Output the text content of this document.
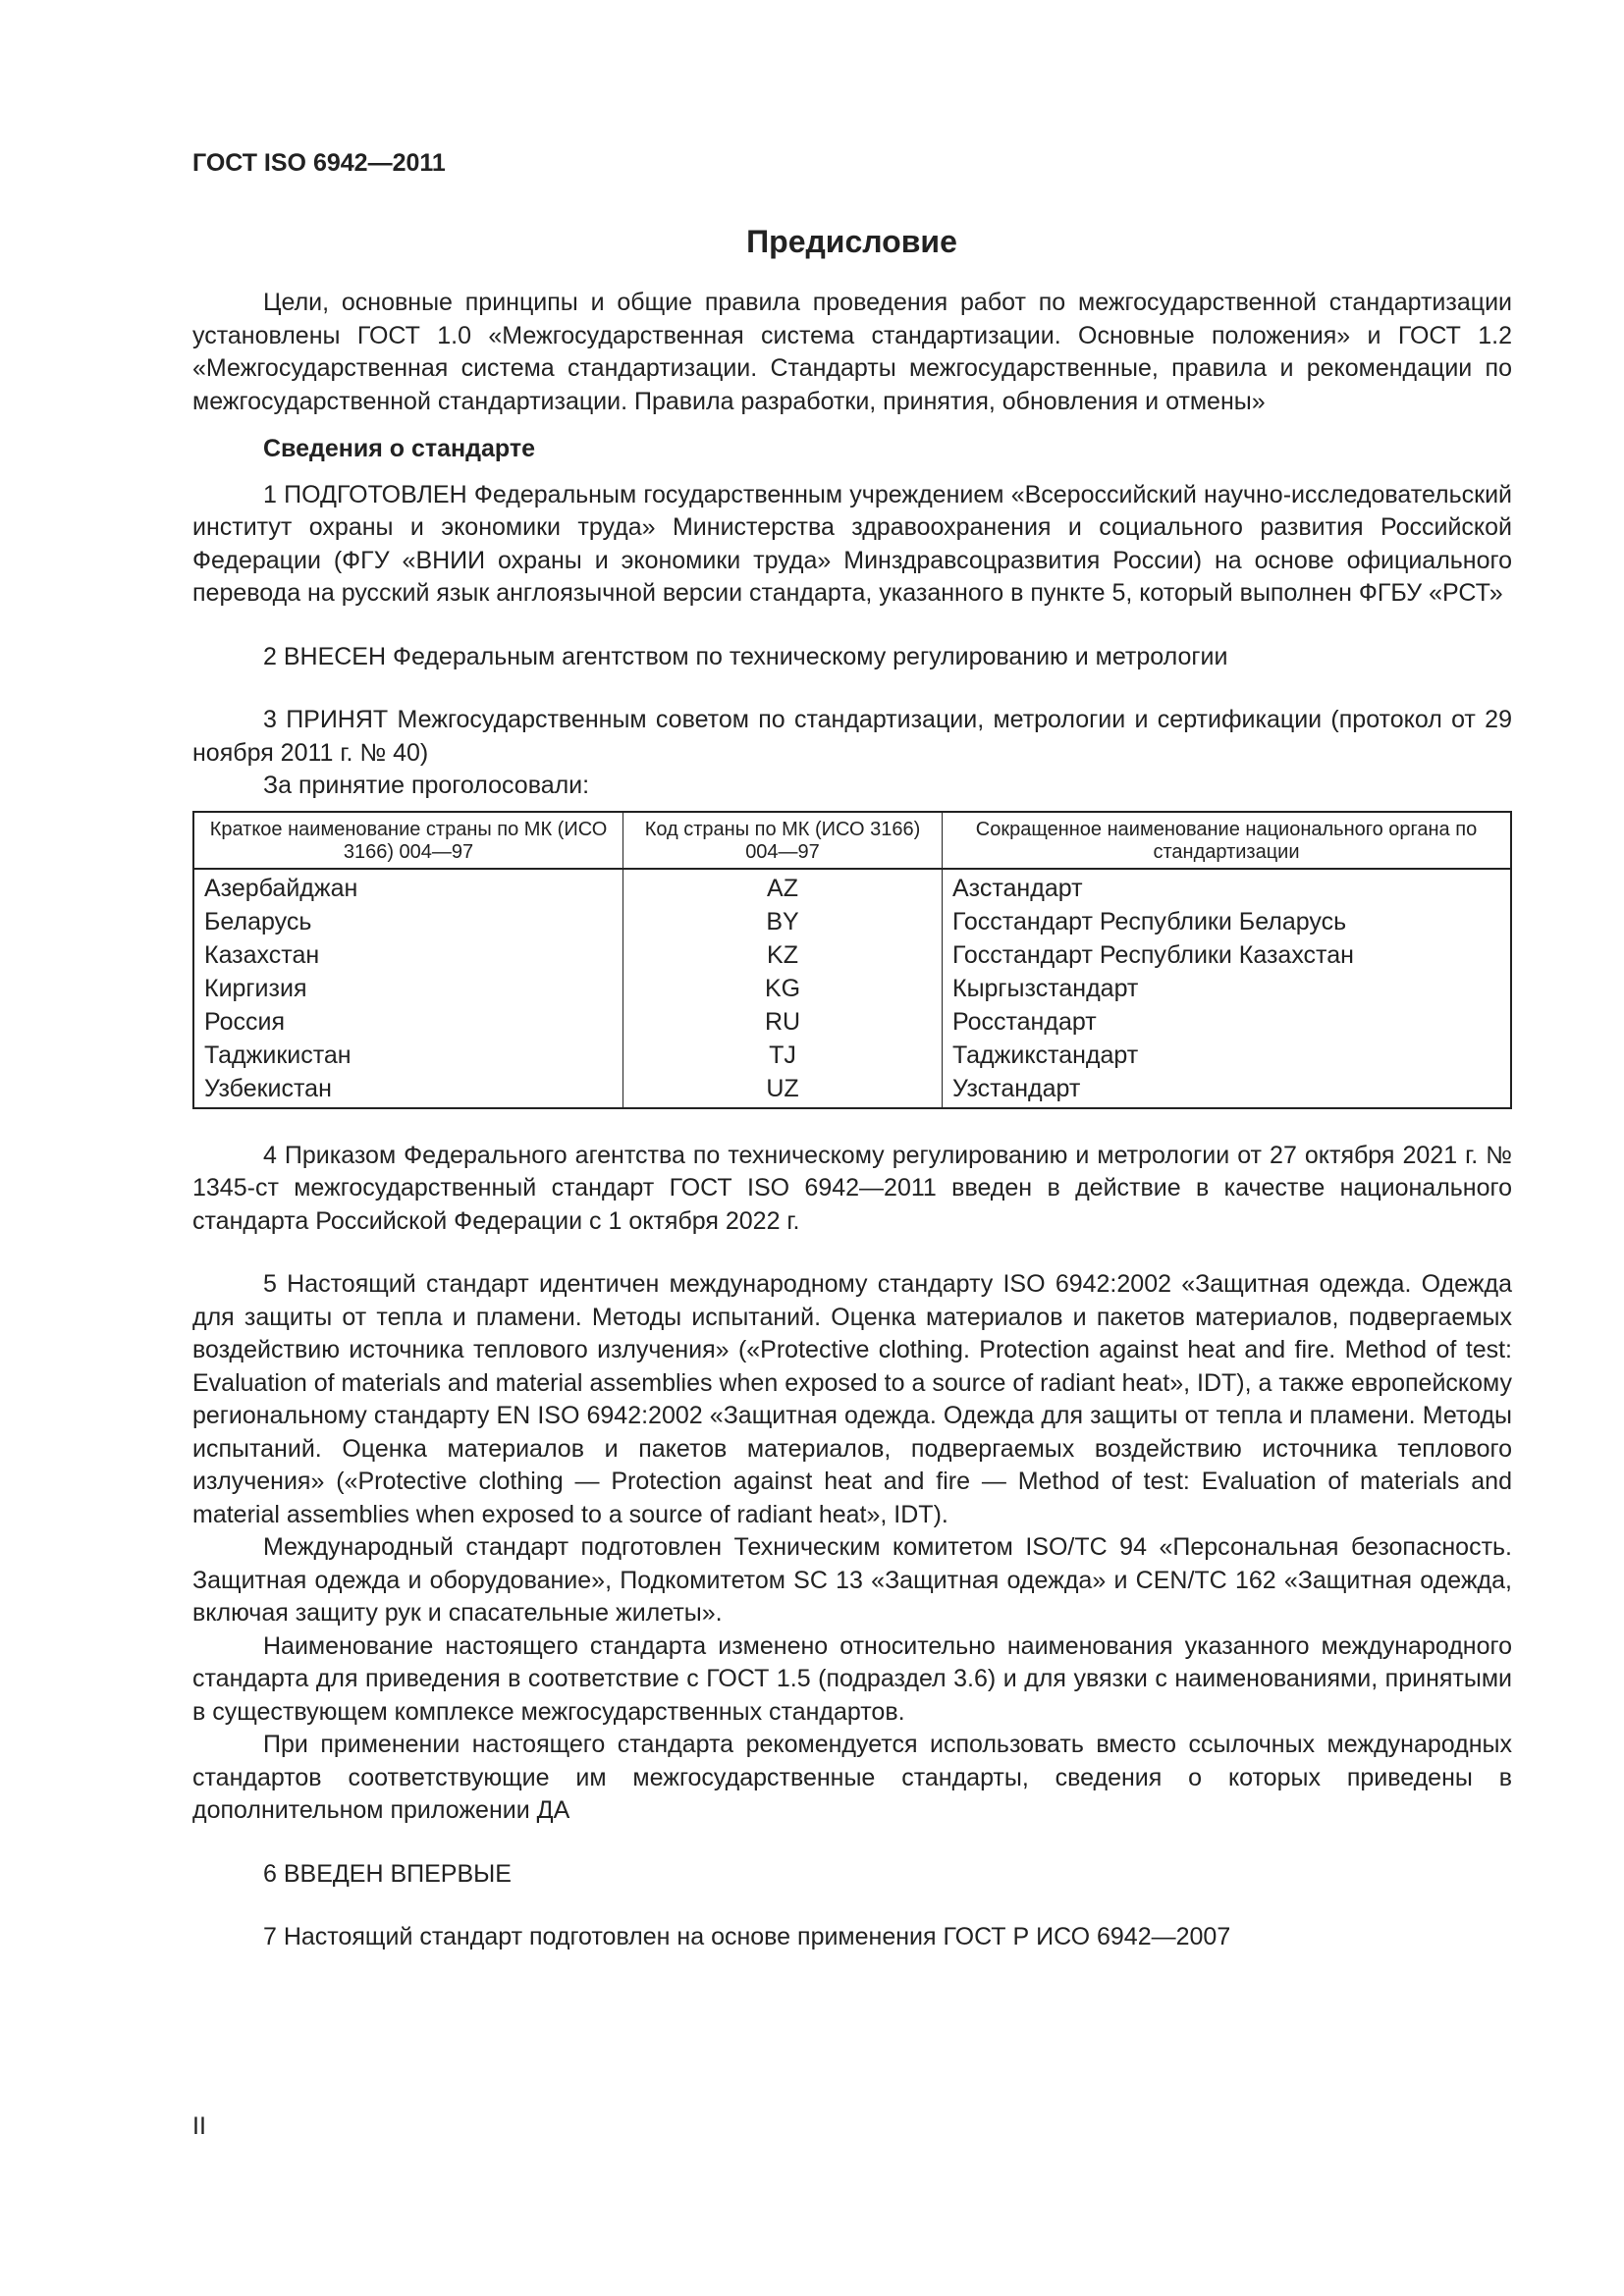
ГОСТ ISO 6942—2011
Предисловие

Цели, основные принципы и общие правила проведения работ по межгосударственной стандартизации установлены ГОСТ 1.0 «Межгосударственная система стандартизации. Основные положения» и ГОСТ 1.2 «Межгосударственная система стандартизации. Стандарты межгосударственные, правила и рекомендации по межгосударственной стандартизации. Правила разработки, принятия, обновления и отмены»

Сведения о стандарте

1 ПОДГОТОВЛЕН Федеральным государственным учреждением «Всероссийский научно-исследовательский институт охраны и экономики труда» Министерства здравоохранения и социального развития Российской Федерации (ФГУ «ВНИИ охраны и экономики труда» Минздравсоцразвития России) на основе официального перевода на русский язык англоязычной версии стандарта, указанного в пункте 5, который выполнен ФГБУ «РСТ»

2 ВНЕСЕН Федеральным агентством по техническому регулированию и метрологии

3 ПРИНЯТ Межгосударственным советом по стандартизации, метрологии и сертификации (протокол от 29 ноября 2011 г. № 40)

За принятие проголосовали:

Краткое наименование страны по МК (ИСО 3166) 004—97	Код страны по МК (ИСО 3166) 004—97	Сокращенное наименование национального органа по стандартизации
Азербайджан	AZ	Азстандарт
Беларусь	BY	Госстандарт Республики Беларусь
Казахстан	KZ	Госстандарт Республики Казахстан
Киргизия	KG	Кыргызстандарт
Россия	RU	Росстандарт
Таджикистан	TJ	Таджикстандарт
Узбекистан	UZ	Узстандарт

4 Приказом Федерального агентства по техническому регулированию и метрологии от 27 октября 2021 г. № 1345-ст межгосударственный стандарт ГОСТ ISO 6942—2011 введен в действие в качестве национального стандарта Российской Федерации с 1 октября 2022 г.

5 Настоящий стандарт идентичен международному стандарту ISO 6942:2002 «Защитная одежда. Одежда для защиты от тепла и пламени. Методы испытаний. Оценка материалов и пакетов материалов, подвергаемых воздействию источника теплового излучения» («Protective clothing. Protection against heat and fire. Method of test: Evaluation of materials and material assemblies when exposed to a source of radiant heat», IDT), а также европейскому региональному стандарту EN ISO 6942:2002 «Защитная одежда. Одежда для защиты от тепла и пламени. Методы испытаний. Оценка материалов и пакетов материалов, подвергаемых воздействию источника теплового излучения» («Protective clothing — Protection against heat and fire — Method of test: Evaluation of materials and material assemblies when exposed to a source of radiant heat», IDT).

Международный стандарт подготовлен Техническим комитетом ISO/TC 94 «Персональная безопасность. Защитная одежда и оборудование», Подкомитетом SC 13 «Защитная одежда» и CEN/TC 162 «Защитная одежда, включая защиту рук и спасательные жилеты».

Наименование настоящего стандарта изменено относительно наименования указанного международного стандарта для приведения в соответствие с ГОСТ 1.5 (подраздел 3.6) и для увязки с наименованиями, принятыми в существующем комплексе межгосударственных стандартов.

При применении настоящего стандарта рекомендуется использовать вместо ссылочных международных стандартов соответствующие им межгосударственные стандарты, сведения о которых приведены в дополнительном приложении ДА

6 ВВЕДЕН ВПЕРВЫЕ

7 Настоящий стандарт подготовлен на основе применения ГОСТ Р ИСО 6942—2007

II
